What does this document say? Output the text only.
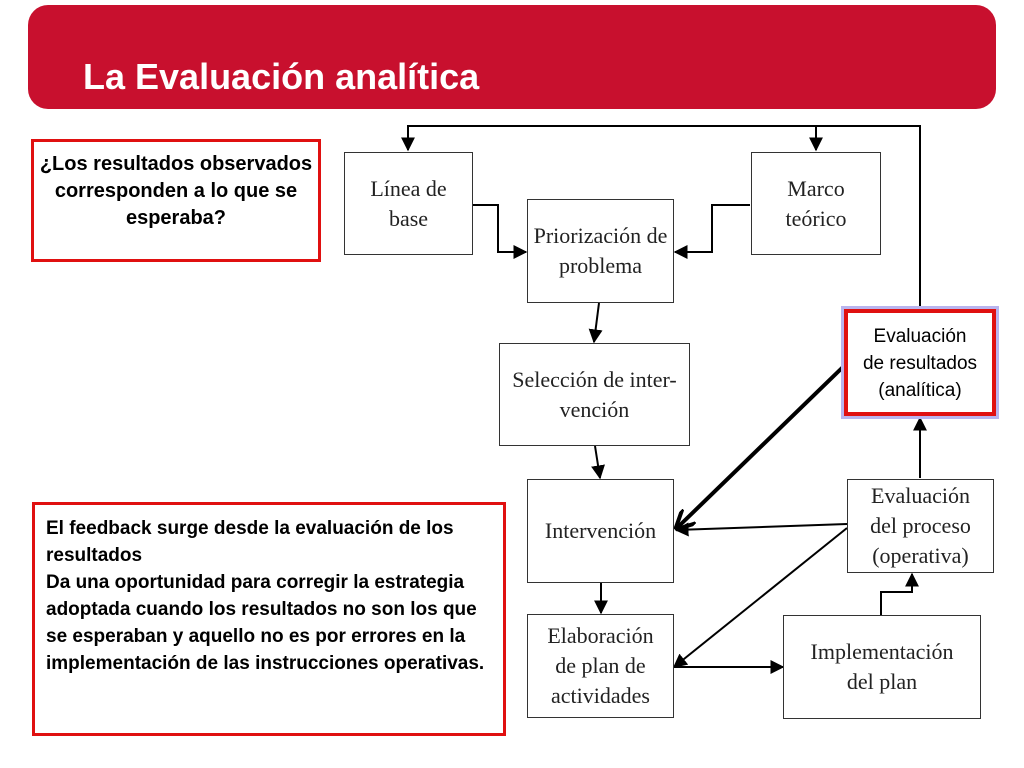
La Evaluación analítica
Línea de
base
Marco
teórico
Priorización de
problema
Selección de inter-
vención
Intervención
Elaboración
de plan de
actividades
Implementación
del plan
Evaluación
del proceso
(operativa)
Evaluación
de resultados
(analítica)
¿Los resultados observados corresponden a lo que se esperaba?

El feedback surge desde la evaluación de los resultados

Da una oportunidad para corregir la estrategia adoptada cuando los resultados no son los que se esperaban y aquello no es por errores en la implementación de las instrucciones operativas.
